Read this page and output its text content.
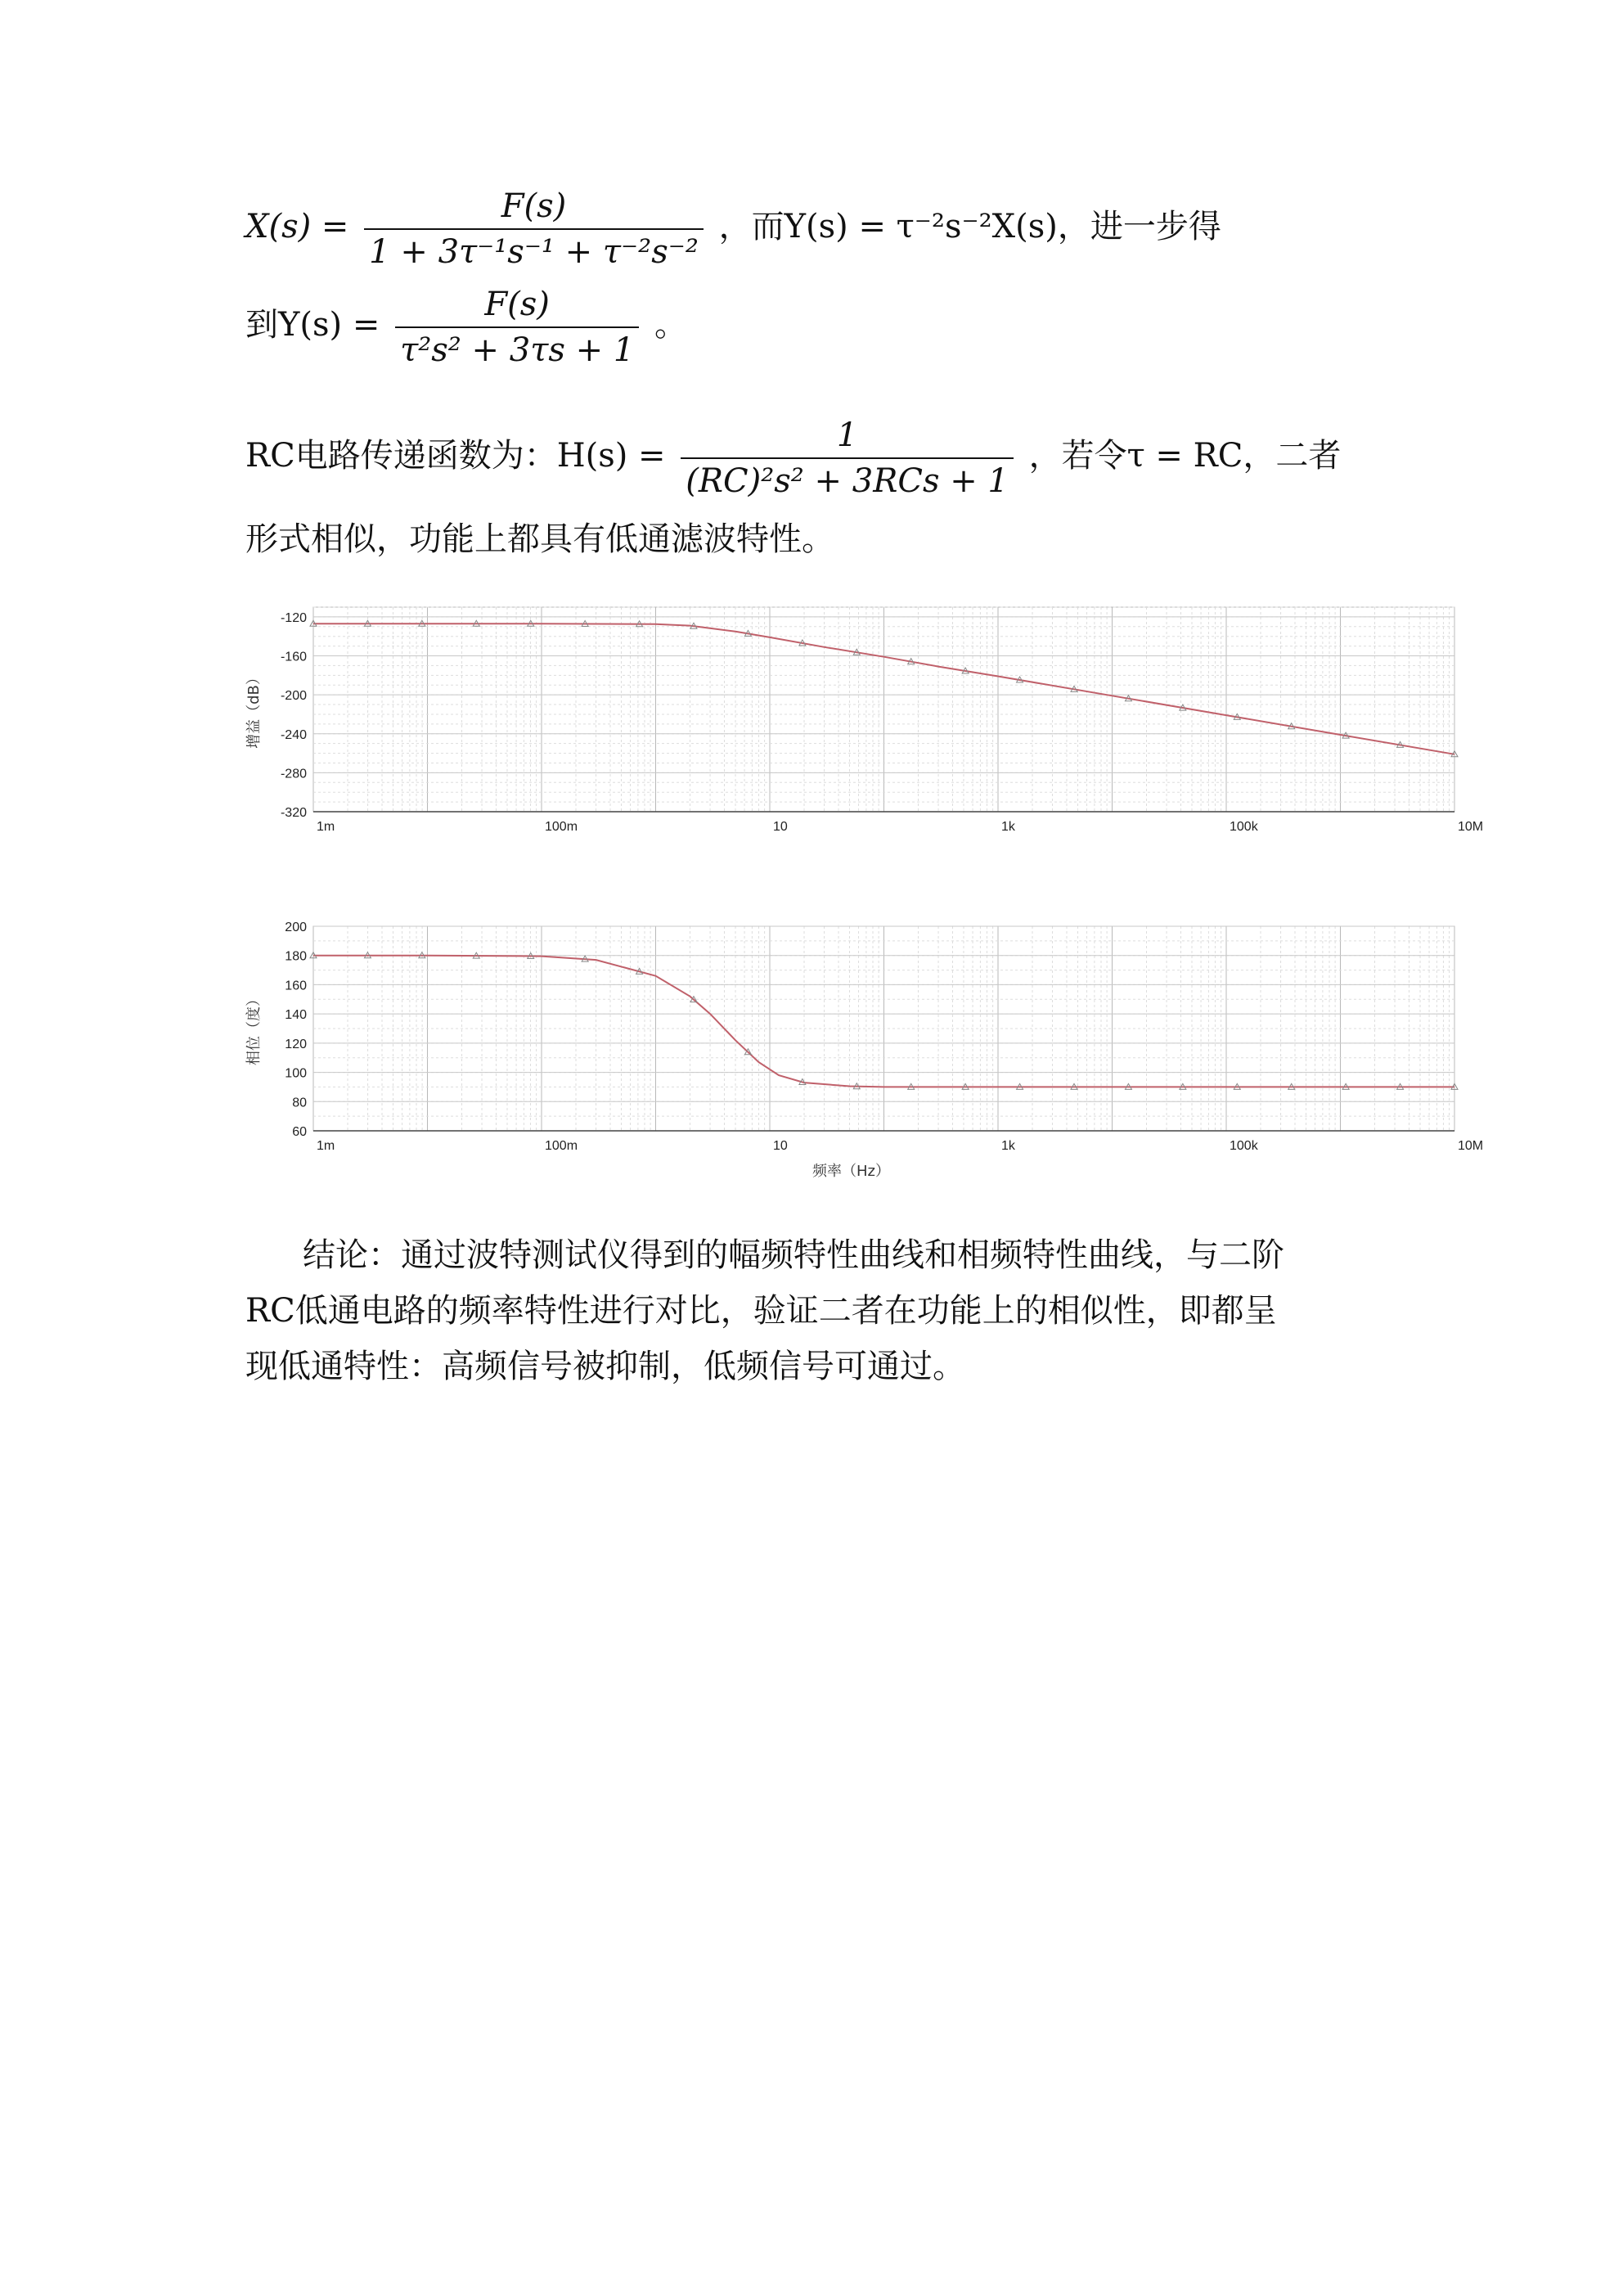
$X(s) = \frac{F(s)}{\text{1 + 3τ⁻¹s⁻¹ + τ⁻²s⁻²}}$ ，而Y(s) = τ⁻²s⁻²X(s)，进一步得
到$Y(s) = \frac{F(s)}{\text{τ²s² + 3τs + 1}}$ 。
RC电路传递函数为：$H(s) = \frac{1}{\text{(RC)²s² + 3RCs + 1}}$ ，若令τ = RC，二者
形式相似，功能上都具有低通滤波特性。
-120
-160
-200
-240
-280
-320
1m	100m	10	1k	100k	10M
增益（dB）
200
180
160
140
120
100
80
60
1m	100m	10	1k	100k	10M
相位（度）
频率（Hz）
结论：通过波特测试仪得到的幅频特性曲线和相频特性曲线，与二阶
RC低通电路的频率特性进行对比，验证二者在功能上的相似性，即都呈
现低通特性：高频信号被抑制，低频信号可通过。
